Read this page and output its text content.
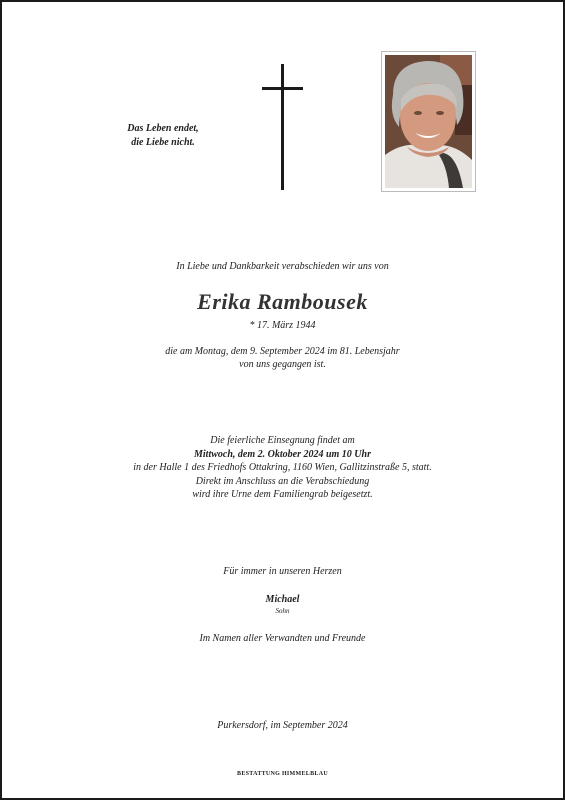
Das Leben endet,
die Liebe nicht.
In Liebe und Dankbarkeit verabschieden wir uns von
Erika Rambousek
* 17. März 1944
die am Montag, dem 9. September 2024 im 81. Lebensjahr
von uns gegangen ist.
Die feierliche Einsegnung findet am
Mittwoch, dem 2. Oktober 2024 um 10 Uhr
in der Halle 1 des Friedhofs Ottakring, 1160 Wien, Gallitzinstraße 5, statt.
Direkt im Anschluss an die Verabschiedung
wird ihre Urne dem Familiengrab beigesetzt.
Für immer in unseren Herzen
Michael
Sohn
Im Namen aller Verwandten und Freunde
Purkersdorf, im September 2024
BESTATTUNG HIMMELBLAU
